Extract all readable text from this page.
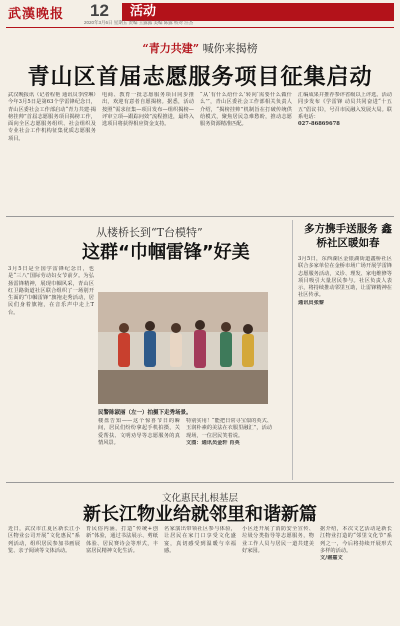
武漢晚报 12	活动
2020年3月6日 星期五 责编 王露露 美编 陈露 校对 汪杰
“青力共建” 喊你来揭榜
青山区首届志愿服务项目征集启动
武汉晚报讯（记者程艳 通讯员李滢琳）今年3月5日是第63个学雷锋纪念日，青山区委社会工作部启动“青力共建·揭榜挂帅”首届志愿服务项目揭榜工作，面向全区志愿服务组织、社会组织及专业社会工作机构征集优质志愿服务项目。
电商、教育一批志愿服务项目同步推出，欢迎有意者自愿揭榜。据悉，活动按照“需求征集—项目发布—组织揭榜—评审立项—跟踪问效”流程推进，最终入选项目将获得相应资金支持。
“从‘有什么给什么’转向‘需要什么做什么’”，青山区委社会工作部相关负责人介绍，“揭榜挂帅”机制旨在打破传统供给模式，聚焦居民急难愁盼，推动志愿服务资源精准匹配。
汇编成果并推荐参评省级以上评选。活动同步发布《学雷锋 动员共同奋进“十五五”倡议书》，号召市民融入发展大局。联系电话：
027-86869678
从楼桥长到“T台模特”
这群“巾帼雷锋”好美
3月5日是全国学雷锋纪念日，也是“三八”国际劳动妇女节前夕。为弘扬雷锋精神，展现巾帼风采，青山区红卫路街道社区联合组织了一场别开生面的“巾帼雷锋”旗袍走秀活动，居民们身着旗袍，在音乐声中走上T台。
民警陈淑丽（左一）拍摄下走秀场景。
楼盘告知——这个惊喜节日的瞬间，居民们纷纷拿起手机拍摄，关爱帮扶、文明劝导等志愿服务的真情风景。
特别实用！“能把日常寻宝似的英式、玉润朴素的美法在衣服里融汇”，活动现场，一位居民笑着说。
文图：通讯员金轩 肖英
多方携手送服务 鑫桥社区暖如春
3月5日，东西湖区金银湖街道鑫桥社区联合多家单位在金桥市场广场开展学雷锋志愿服务活动，义诊、理发、家电维修等项目吸引大量居民参与。社区负责人表示，将持续推动邻里互助，让雷锋精神在社区传承。
通讯员张黎
文化惠民扎根基层
新长江物业给就邻里和谐新篇
近日，武汉市江夏区新长江小区物业公司开展“文化惠民”系列活动，组织居民参加书画展览、亲子阅读等文体活动。
育民俗内涵，打造“传统+创新”体验，通过书法展示、剪纸体验、居民赛诗会等形式，丰富居民精神文化生活。
名家演出带领社区参与体验，让居民在家门口享受文化盛宴，真切感受到温暖与幸福感。
小区还开展了消防安全宣传、垃圾分类指导等志愿服务，物业工作人员与居民一道共建美好家园。
据介绍，本次文艺活动是新长江物业打造的“邻里文化节”系列之一，今后将持续开展形式多样的活动。
文/谢嘉文
